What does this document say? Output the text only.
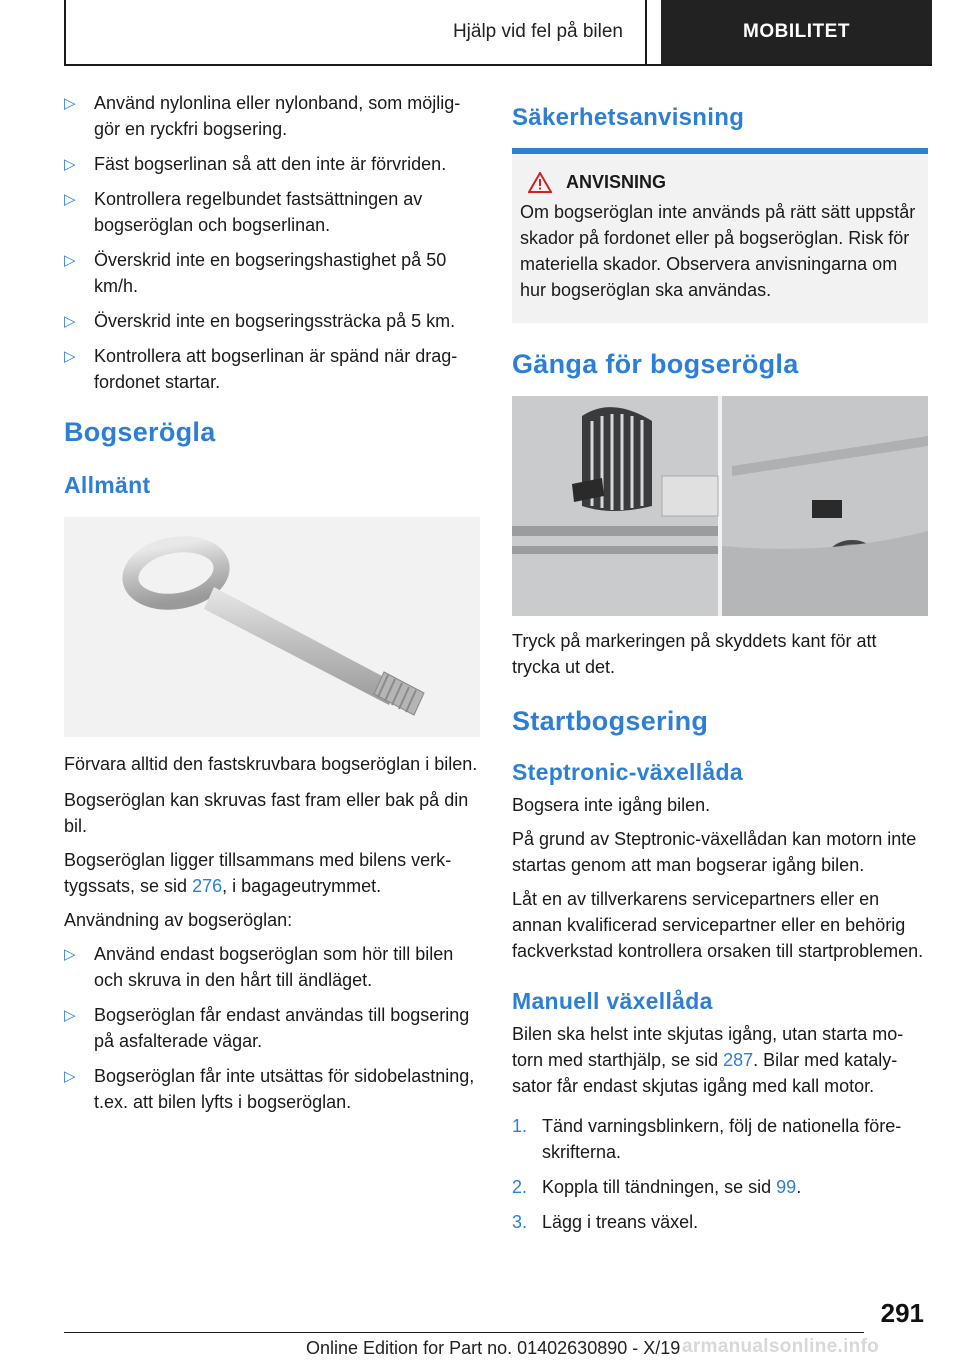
Hjälp vid fel på bilen	MOBILITET
▷ Använd nylonlina eller nylonband, som möjliggör en ryckfri bogsering.
▷ Fäst bogserlinan så att den inte är förvriden.
▷ Kontrollera regelbundet fastsättningen av bogseröglan och bogserlinan.
▷ Överskrid inte en bogseringshastighet på 50 km/h.
▷ Överskrid inte en bogseringssträcka på 5 km.
▷ Kontrollera att bogserlinan är spänd när dragfordonet startar.
Bogserögla
Allmänt

Förvara alltid den fastskruvbara bogseröglan i bilen.

Bogseröglan kan skruvas fast fram eller bak på din bil.

Bogseröglan ligger tillsammans med bilens verktygssats, se sid 276, i bagageutrymmet.

Användning av bogseröglan:

▷ Använd endast bogseröglan som hör till bilen och skruva in den hårt till ändläget.
▷ Bogseröglan får endast användas till bogsering på asfalterade vägar.
▷ Bogseröglan får inte utsättas för sidobelastning, t.ex. att bilen lyfts i bogseröglan.
Säkerhetsanvisning
ANVISNING

Om bogseröglan inte används på rätt sätt uppstår skador på fordonet eller på bogseröglan. Risk för materiella skador. Observera anvisningarna om hur bogseröglan ska användas.

Gänga för bogserögla

Tryck på markeringen på skyddets kant för att trycka ut det.

Startbogsering
Steptronic-växellåda

Bogsera inte igång bilen.

På grund av Steptronic-växellådan kan motorn inte startas genom att man bogserar igång bilen.

Låt en av tillverkarens servicepartners eller en annan kvalificerad servicepartner eller en behörig fackverkstad kontrollera orsaken till startproblemen.

Manuell växellåda

Bilen ska helst inte skjutas igång, utan starta motorn med starthjälp, se sid 287. Bilar med katalysator får endast skjutas igång med kall motor.

1. Tänd varningsblinkern, följ de nationella föreskrifterna.
2. Koppla till tändningen, se sid 99.
3. Lägg i treans växel.
291
Online Edition for Part no. 01402630890 - X/19 armanualsonline.info
